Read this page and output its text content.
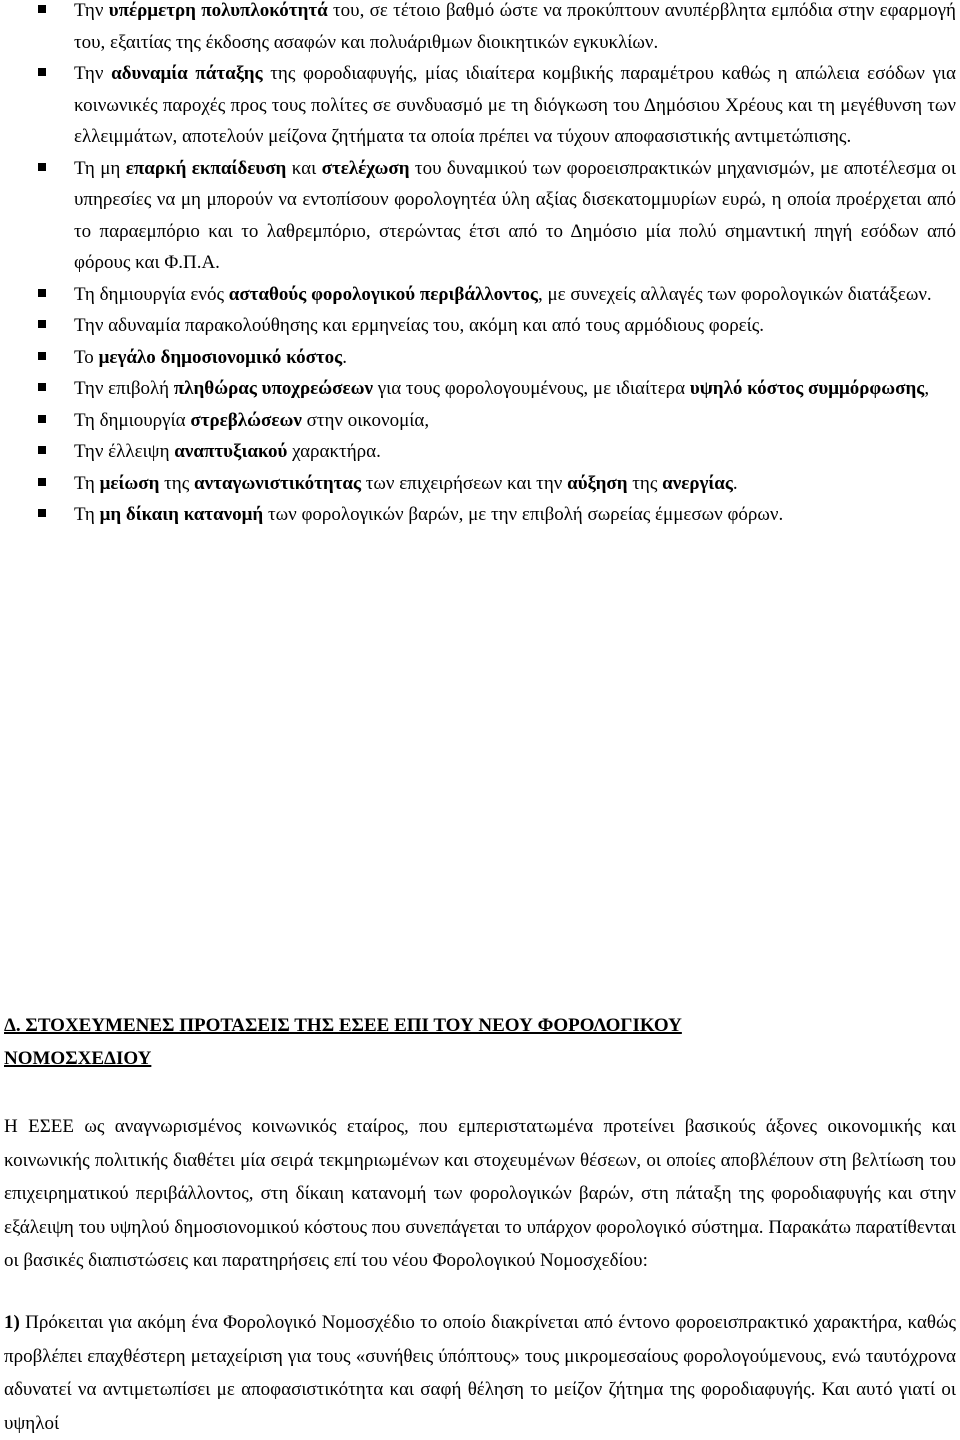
Την υπέρμετρη πολυπλοκότητά του, σε τέτοιο βαθμό ώστε να προκύπτουν ανυπέρβλητα εμπόδια στην εφαρμογή του, εξαιτίας της έκδοσης ασαφών και πολυάριθμων διοικητικών εγκυκλίων.
Την αδυναμία πάταξης της φοροδιαφυγής, μίας ιδιαίτερα κομβικής παραμέτρου καθώς η απώλεια εσόδων για κοινωνικές παροχές προς τους πολίτες σε συνδυασμό με τη διόγκωση του Δημόσιου Χρέους και τη μεγέθυνση των ελλειμμάτων, αποτελούν μείζονα ζητήματα τα οποία πρέπει να τύχουν αποφασιστικής αντιμετώπισης.
Τη μη επαρκή εκπαίδευση και στελέχωση του δυναμικού των φοροεισπρακτικών μηχανισμών, με αποτέλεσμα οι υπηρεσίες να μη μπορούν να εντοπίσουν φορολογητέα ύλη αξίας δισεκατομμυρίων ευρώ, η οποία προέρχεται από το παραεμπόριο και το λαθρεμπόριο, στερώντας έτσι από το Δημόσιο μία πολύ σημαντική πηγή εσόδων από φόρους και Φ.Π.Α.
Τη δημιουργία ενός ασταθούς φορολογικού περιβάλλοντος, με συνεχείς αλλαγές των φορολογικών διατάξεων.
Την αδυναμία παρακολούθησης και ερμηνείας του, ακόμη και από τους αρμόδιους φορείς.
Το μεγάλο δημοσιονομικό κόστος.
Την επιβολή πληθώρας υποχρεώσεων για τους φορολογουμένους, με ιδιαίτερα υψηλό κόστος συμμόρφωσης,
Τη δημιουργία στρεβλώσεων στην οικονομία,
Την έλλειψη αναπτυξιακού χαρακτήρα.
Τη μείωση της ανταγωνιστικότητας των επιχειρήσεων και την αύξηση της ανεργίας.
Τη μη δίκαιη κατανομή των φορολογικών βαρών, με την επιβολή σωρείας έμμεσων φόρων.
Δ. ΣΤΟΧΕΥΜΕΝΕΣ ΠΡΟΤΑΣΕΙΣ ΤΗΣ ΕΣΕΕ ΕΠΙ ΤΟΥ ΝΕΟΥ ΦΟΡΟΛΟΓΙΚΟΥ
ΝΟΜΟΣΧΕΔΙΟΥ
Η ΕΣΕΕ ως αναγνωρισμένος κοινωνικός εταίρος, που εμπεριστατωμένα προτείνει βασικούς άξονες οικονομικής και κοινωνικής πολιτικής διαθέτει μία σειρά τεκμηριωμένων και στοχευμένων θέσεων, οι οποίες αποβλέπουν στη βελτίωση του επιχειρηματικού περιβάλλοντος, στη δίκαιη κατανομή των φορολογικών βαρών, στη πάταξη της φοροδιαφυγής και στην εξάλειψη του υψηλού δημοσιονομικού κόστους που συνεπάγεται το υπάρχον φορολογικό σύστημα. Παρακάτω παρατίθενται οι βασικές διαπιστώσεις και παρατηρήσεις επί του νέου Φορολογικού Νομοσχεδίου:
1) Πρόκειται για ακόμη ένα Φορολογικό Νομοσχέδιο το οποίο διακρίνεται από έντονο φοροεισπρακτικό χαρακτήρα, καθώς προβλέπει επαχθέστερη μεταχείριση για τους «συνήθεις ύπόπτους» τους μικρομεσαίους φορολογούμενους, ενώ ταυτόχρονα αδυνατεί να αντιμετωπίσει με αποφασιστικότητα και σαφή θέληση το μείζον ζήτημα της φοροδιαφυγής. Και αυτό γιατί οι υψηλοί
